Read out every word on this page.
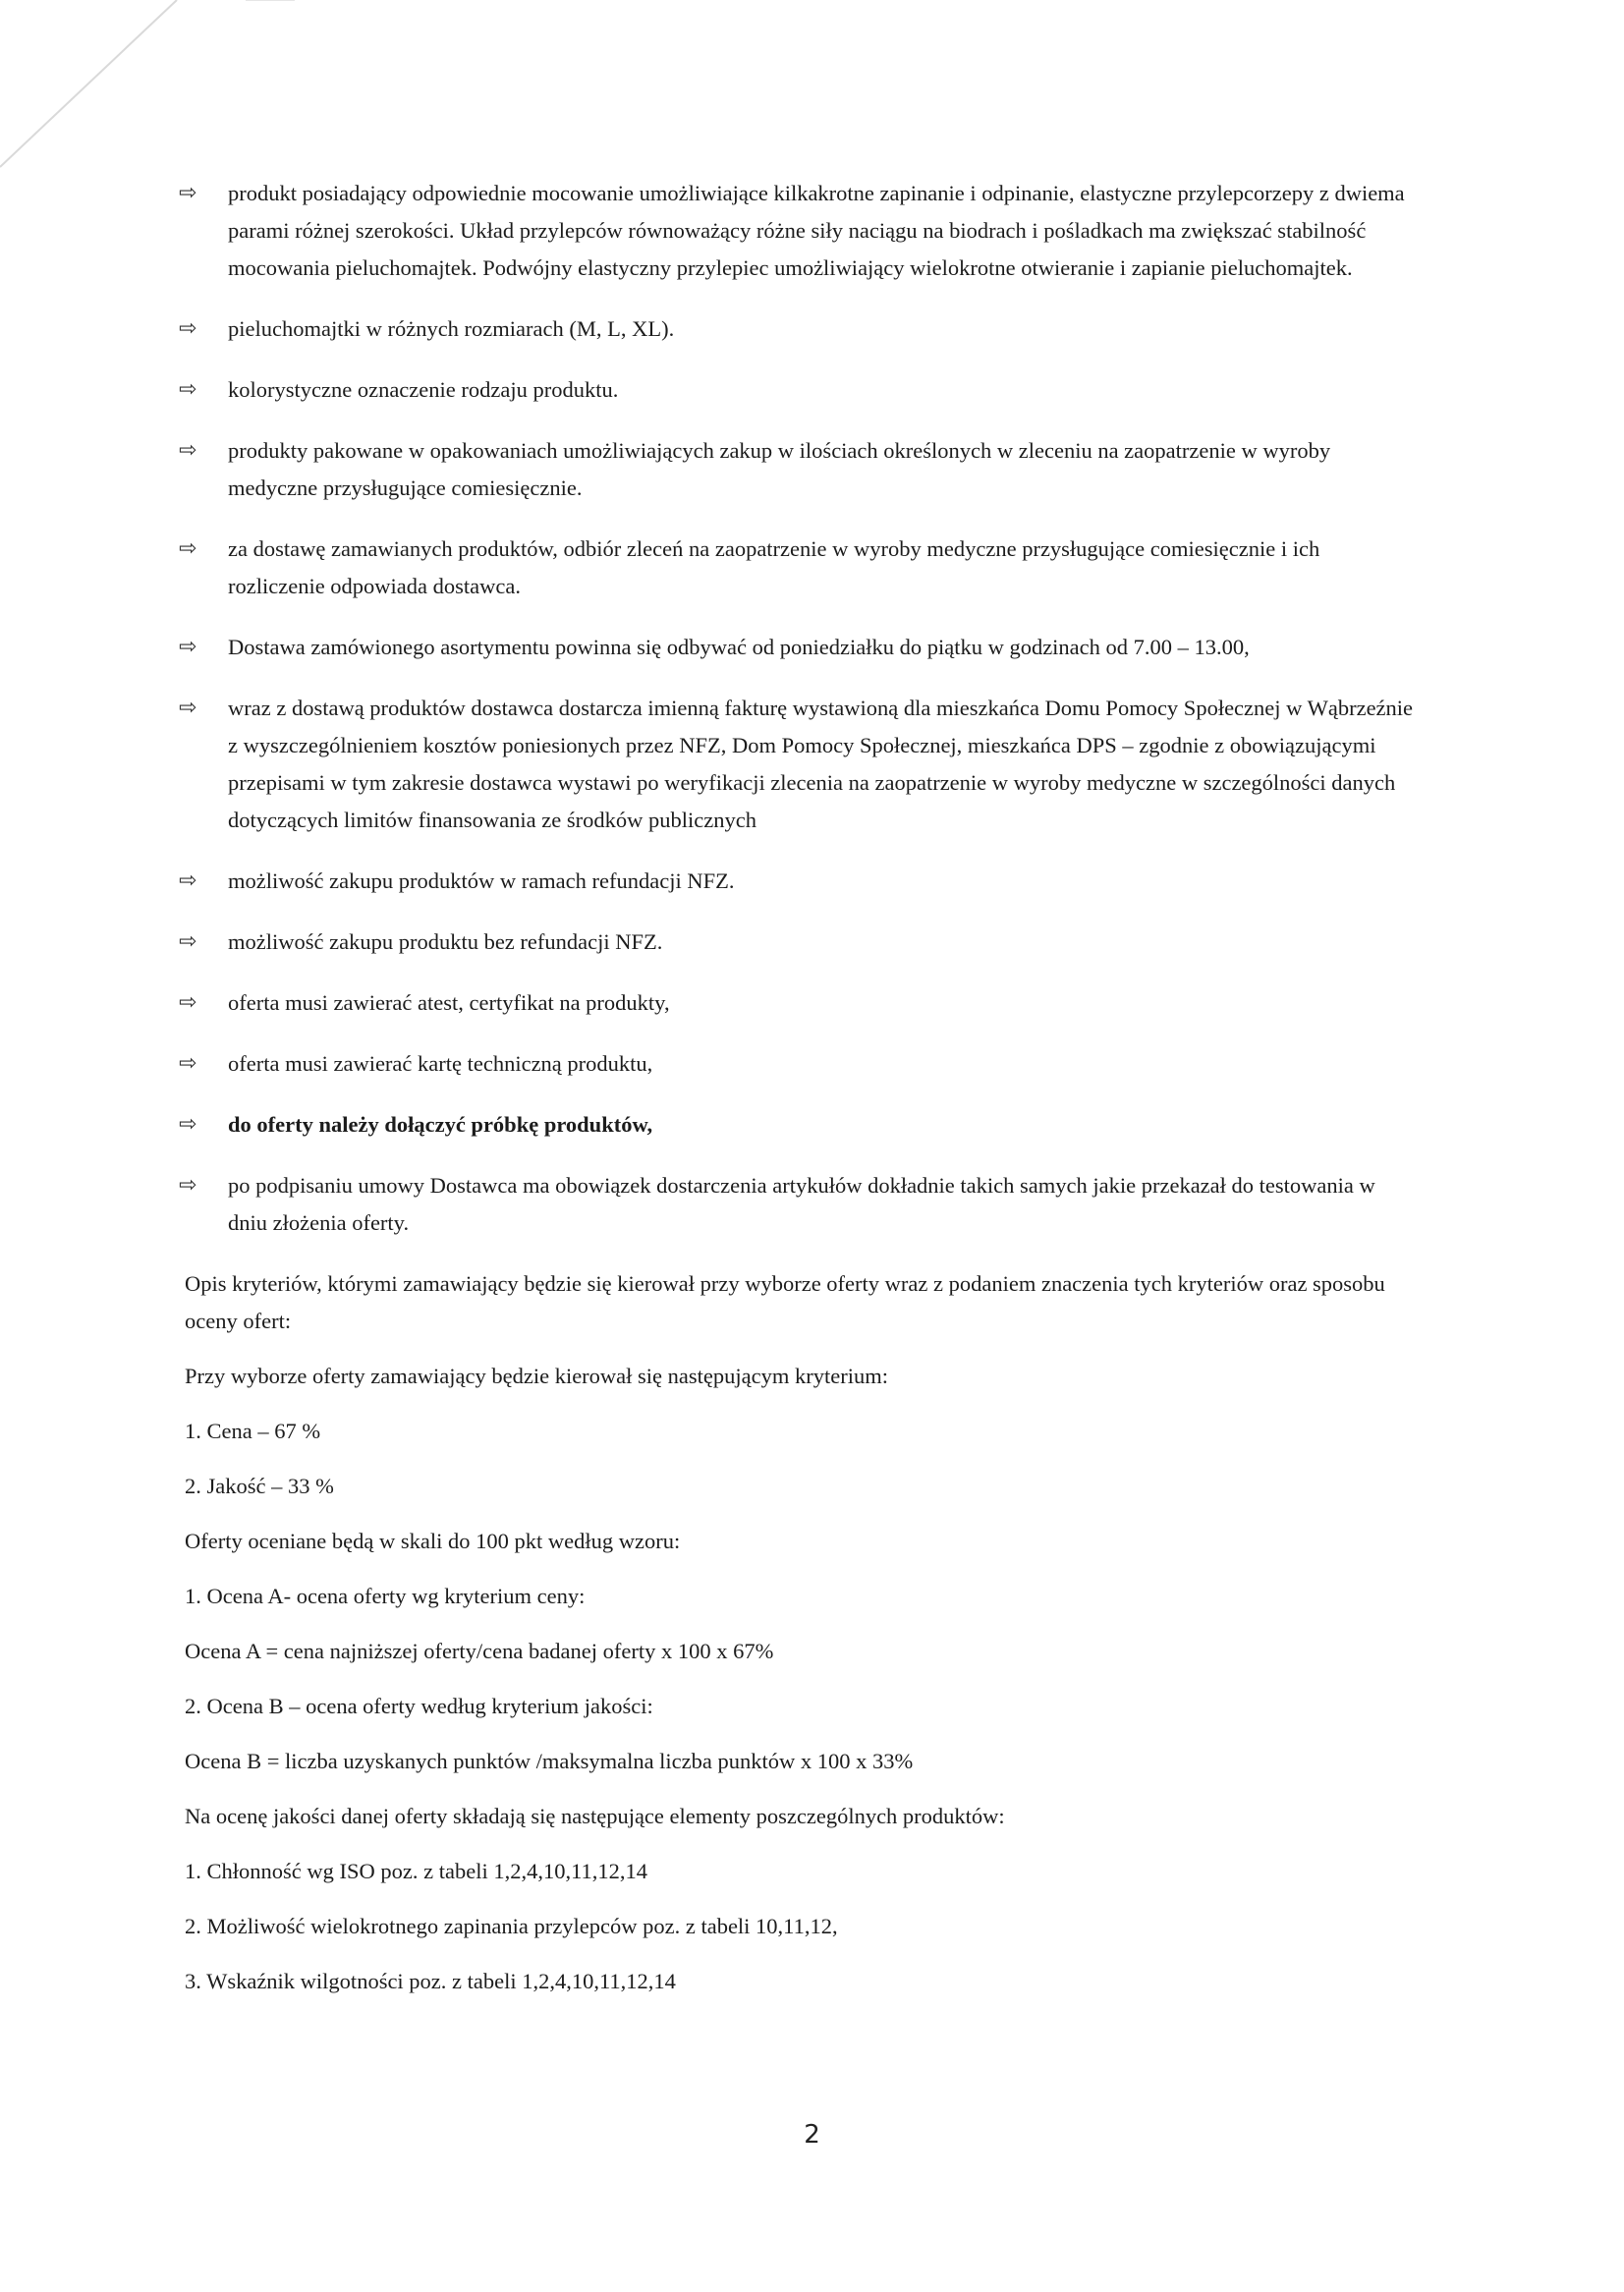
⇨	produkt posiadający odpowiednie mocowanie umożliwiające kilkakrotne zapinanie i odpinanie, elastyczne przylepcorzepy z dwiema parami różnej szerokości. Układ przylepców równoważący różne siły naciągu na biodrach i pośladkach ma zwiększać stabilność mocowania pieluchomajtek. Podwójny elastyczny przylepiec umożliwiający wielokrotne otwieranie i zapianie pieluchomajtek.
⇨	pieluchomajtki w różnych rozmiarach (M, L, XL).
⇨	kolorystyczne oznaczenie rodzaju produktu.
⇨	produkty pakowane w opakowaniach umożliwiających zakup w ilościach określonych w zleceniu na zaopatrzenie w wyroby medyczne przysługujące comiesięcznie.
⇨	za dostawę zamawianych produktów, odbiór zleceń na zaopatrzenie w wyroby medyczne przysługujące comiesięcznie i ich rozliczenie odpowiada dostawca.
⇨	Dostawa zamówionego asortymentu powinna się odbywać od poniedziałku do piątku w godzinach od 7.00 – 13.00,
⇨	wraz z dostawą produktów dostawca dostarcza imienną fakturę wystawioną dla mieszkańca Domu Pomocy Społecznej w Wąbrzeźnie z wyszczególnieniem kosztów poniesionych przez NFZ, Dom Pomocy Społecznej, mieszkańca DPS – zgodnie z obowiązującymi przepisami w tym zakresie dostawca wystawi po weryfikacji zlecenia na zaopatrzenie w wyroby medyczne w szczególności danych dotyczących limitów finansowania ze środków publicznych
⇨	możliwość zakupu produktów w ramach refundacji NFZ.
⇨	możliwość zakupu produktu bez refundacji NFZ.
⇨	oferta musi zawierać atest, certyfikat na produkty,
⇨	oferta musi zawierać kartę techniczną produktu,
⇨	do oferty należy dołączyć próbkę produktów,
⇨	po podpisaniu umowy Dostawca ma obowiązek dostarczenia artykułów dokładnie takich samych jakie przekazał do testowania w dniu złożenia oferty.

Opis kryteriów, którymi zamawiający będzie się kierował przy wyborze oferty wraz z podaniem znaczenia tych kryteriów oraz sposobu oceny ofert:

Przy wyborze oferty zamawiający będzie kierował się następującym kryterium:

1. Cena – 67 %

2. Jakość – 33 %

Oferty oceniane będą w skali do 100 pkt według wzoru:

1. Ocena A- ocena oferty wg kryterium ceny:

Ocena A = cena najniższej oferty/cena badanej oferty x 100 x 67%

2. Ocena B – ocena oferty według kryterium jakości:

Ocena B = liczba uzyskanych punktów /maksymalna liczba punktów x 100 x 33%

Na ocenę jakości danej oferty składają się następujące elementy poszczególnych produktów:

1. Chłonność wg ISO poz. z tabeli 1,2,4,10,11,12,14

2. Możliwość wielokrotnego zapinania przylepców poz. z tabeli 10,11,12,

3. Wskaźnik wilgotności poz. z tabeli 1,2,4,10,11,12,14

2
